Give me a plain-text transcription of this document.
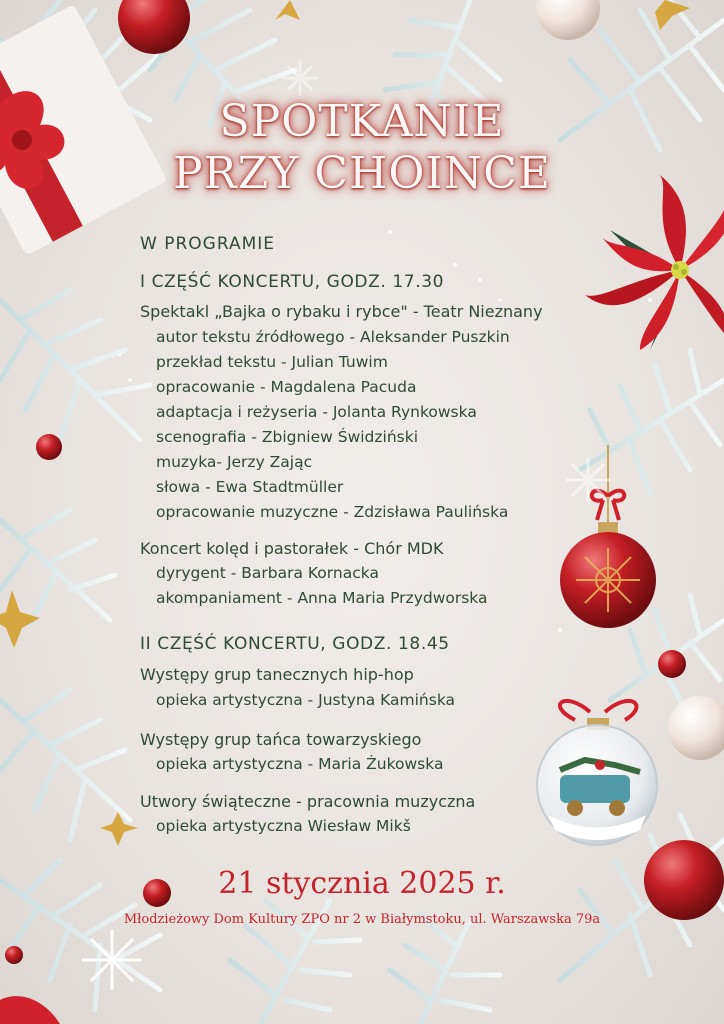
SPOTKANIE
PRZY CHOINCE
W PROGRAMIE
I CZĘŚĆ KONCERTU, GODZ. 17.30
Spektakl „Bajka o rybaku i rybce" - Teatr Nieznany
autor tekstu źródłowego - Aleksander Puszkin
przekład tekstu - Julian Tuwim
opracowanie - Magdalena Pacuda
adaptacja i reżyseria - Jolanta Rynkowska
scenografia - Zbigniew Świdziński
muzyka- Jerzy Zając
słowa - Ewa Stadtmüller
opracowanie muzyczne - Zdzisława Paulińska
Koncert kolęd i pastorałek - Chór MDK
dyrygent - Barbara Kornacka
akompaniament - Anna Maria Przydworska
II CZĘŚĆ KONCERTU, GODZ. 18.45
Występy grup tanecznych hip-hop
opieka artystyczna - Justyna Kamińska
Występy grup tańca towarzyskiego
opieka artystyczna - Maria Żukowska
Utwory świąteczne - pracownia muzyczna
opieka artystyczna Wiesław Mikš
21 stycznia 2025 r.
Młodzieżowy Dom Kultury ZPO nr 2 w Białymstoku, ul. Warszawska 79a
